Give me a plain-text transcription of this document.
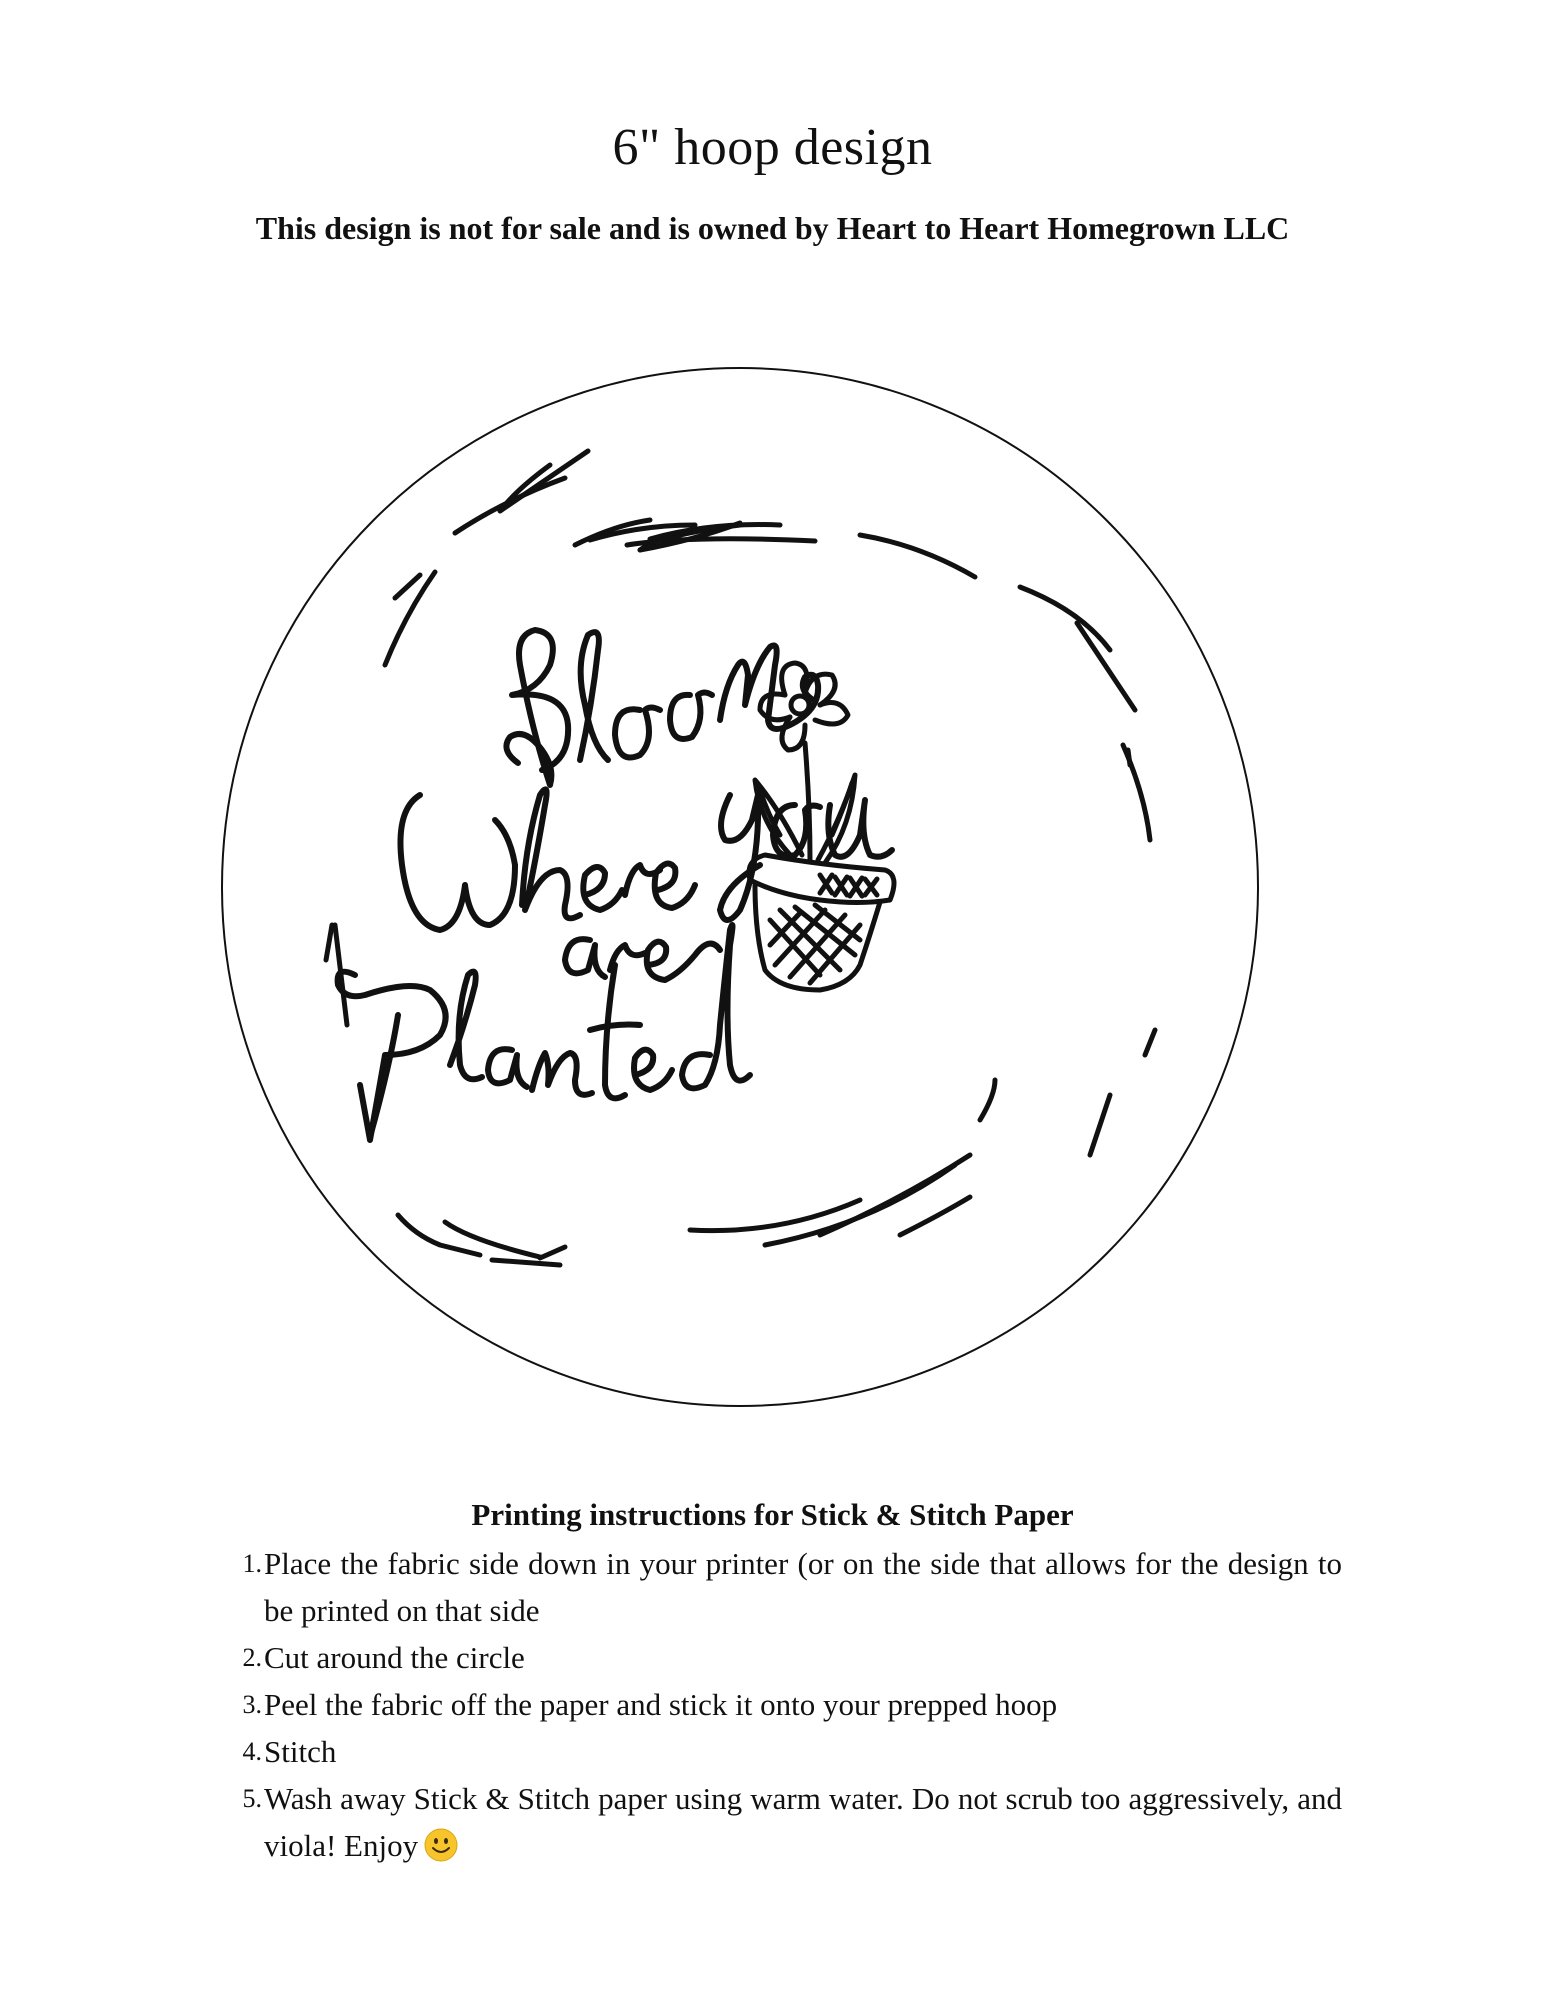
6" hoop design
This design is not for sale and is owned by Heart to Heart Homegrown LLC
Printing instructions for Stick & Stitch Paper
1. Place the fabric side down in your printer (or on the side that allows for the design to be printed on that side
2. Cut around the circle
3. Peel the fabric off the paper and stick it onto your prepped hoop
4. Stitch
5. Wash away Stick & Stitch paper using warm water. Do not scrub too aggressively, and viola! Enjoy
